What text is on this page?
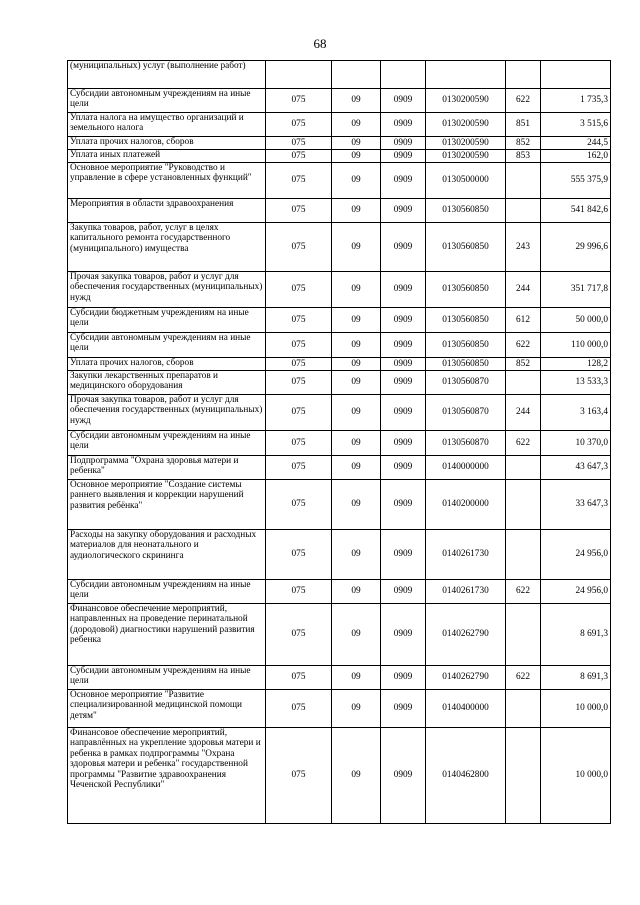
68
(муниципальных) услуг (выполнение работ)						
Субсидии автономным учреждениям на иные цели	075	09	0909	0130200590	622	1 735,3
Уплата налога на имущество организаций и земельного налога	075	09	0909	0130200590	851	3 515,6
Уплата прочих налогов, сборов	075	09	0909	0130200590	852	244,5
Уплата иных платежей	075	09	0909	0130200590	853	162,0
Основное мероприятие "Руководство и управление в сфере установленных функций"	075	09	0909	0130500000		555 375,9
Мероприятия в области здравоохранения	075	09	0909	0130560850		541 842,6
Закупка товаров, работ, услуг в целях капитального ремонта государственного (муниципального) имущества	075	09	0909	0130560850	243	29 996,6
Прочая закупка товаров, работ и услуг для обеспечения государственных (муниципальных) нужд	075	09	0909	0130560850	244	351 717,8
Субсидии бюджетным учреждениям на иные цели	075	09	0909	0130560850	612	50 000,0
Субсидии автономным учреждениям на иные цели	075	09	0909	0130560850	622	110 000,0
Уплата прочих налогов, сборов	075	09	0909	0130560850	852	128,2
Закупки лекарственных препаратов и медицинского оборудования	075	09	0909	0130560870		13 533,3
Прочая закупка товаров, работ и услуг для обеспечения государственных (муниципальных) нужд	075	09	0909	0130560870	244	3 163,4
Субсидии автономным учреждениям на иные цели	075	09	0909	0130560870	622	10 370,0
Подпрограмма "Охрана здоровья матери и ребенка"	075	09	0909	0140000000		43 647,3
Основное мероприятие "Создание системы раннего выявления и коррекции нарушений развития ребёнка"	075	09	0909	0140200000		33 647,3
Расходы на закупку оборудования и расходных материалов для неонатального и аудиологического скрининга	075	09	0909	0140261730		24 956,0
Субсидии автономным учреждениям на иные цели	075	09	0909	0140261730	622	24 956,0
Финансовое обеспечение мероприятий, направленных на проведение перинатальной (дородовой) диагностики нарушений развития ребенка	075	09	0909	0140262790		8 691,3
Субсидии автономным учреждениям на иные цели	075	09	0909	0140262790	622	8 691,3
Основное мероприятие "Развитие специализированной медицинской помощи детям"	075	09	0909	0140400000		10 000,0
Финансовое обеспечение мероприятий, направлённых на укрепление здоровья матери и ребенка в рамках подпрограммы "Охрана здоровья матери и ребенка" государственной программы "Развитие здравоохранения Чеченской Республики"	075	09	0909	0140462800		10 000,0
